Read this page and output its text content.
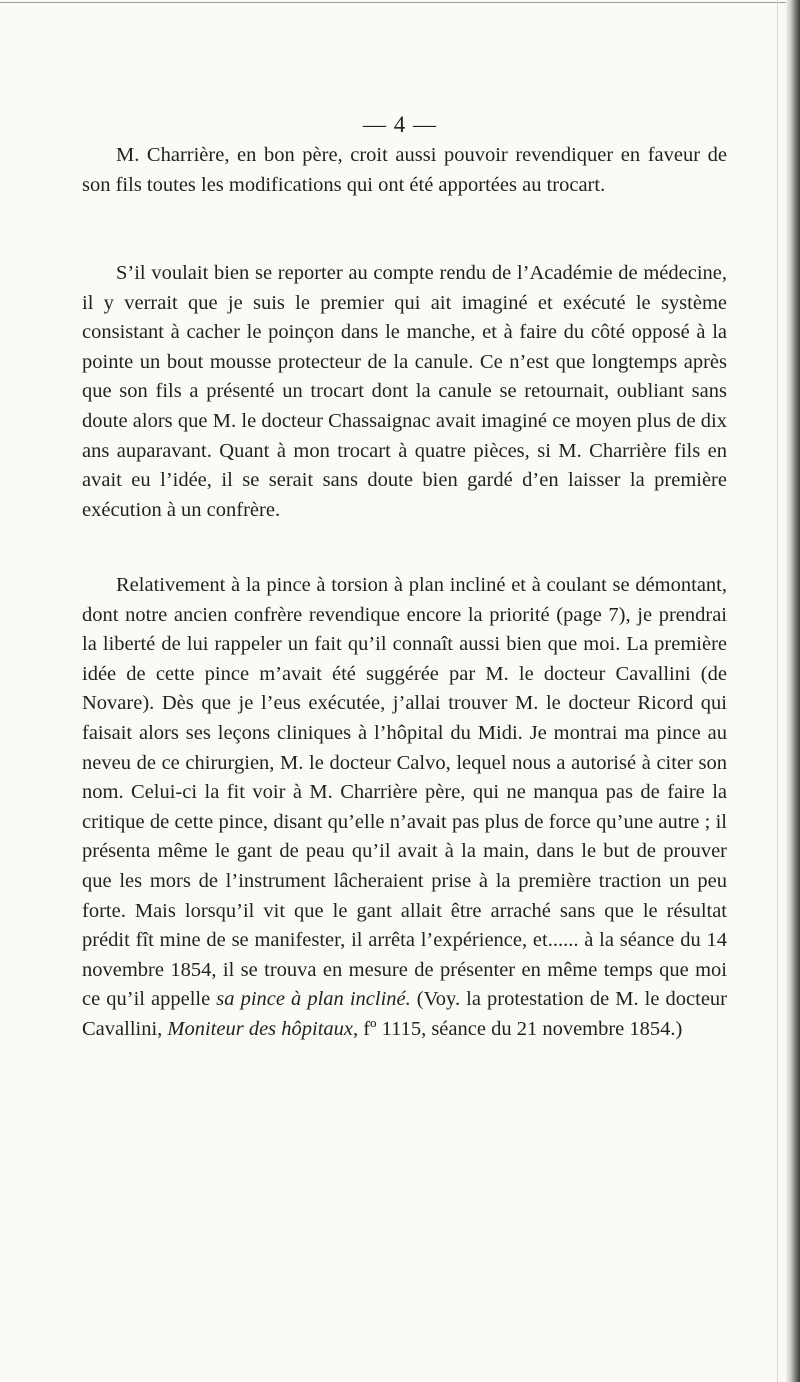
— 4 —

M. Charrière, en bon père, croit aussi pouvoir revendiquer en faveur de son fils toutes les modifications qui ont été apportées au trocart.

S’il voulait bien se reporter au compte rendu de l’Académie de médecine, il y verrait que je suis le premier qui ait imaginé et exécuté le système consistant à cacher le poinçon dans le manche, et à faire du côté opposé à la pointe un bout mousse protecteur de la canule. Ce n’est que longtemps après que son fils a présenté un trocart dont la canule se retournait, oubliant sans doute alors que M. le docteur Chassaignac avait imaginé ce moyen plus de dix ans auparavant. Quant à mon trocart à quatre pièces, si M. Charrière fils en avait eu l’idée, il se serait sans doute bien gardé d’en laisser la première exécution à un confrère.

Relativement à la pince à torsion à plan incliné et à coulant se démontant, dont notre ancien confrère revendique encore la priorité (page 7), je prendrai la liberté de lui rappeler un fait qu’il connaît aussi bien que moi. La première idée de cette pince m’avait été suggérée par M. le docteur Cavallini (de Novare). Dès que je l’eus exécutée, j’allai trouver M. le docteur Ricord qui faisait alors ses leçons cliniques à l’hôpital du Midi. Je montrai ma pince au neveu de ce chirurgien, M. le docteur Calvo, lequel nous a autorisé à citer son nom. Celui-ci la fit voir à M. Charrière père, qui ne manqua pas de faire la critique de cette pince, disant qu’elle n’avait pas plus de force qu’une autre ; il présenta même le gant de peau qu’il avait à la main, dans le but de prouver que les mors de l’instrument lâcheraient prise à la première traction un peu forte. Mais lorsqu’il vit que le gant allait être arraché sans que le résultat prédit fît mine de se manifester, il arrêta l’expérience, et...... à la séance du 14 novembre 1854, il se trouva en mesure de présenter en même temps que moi ce qu’il appelle sa pince à plan incliné. (Voy. la protestation de M. le docteur Cavallini, Moniteur des hôpitaux, fº 1115, séance du 21 novembre 1854.)
